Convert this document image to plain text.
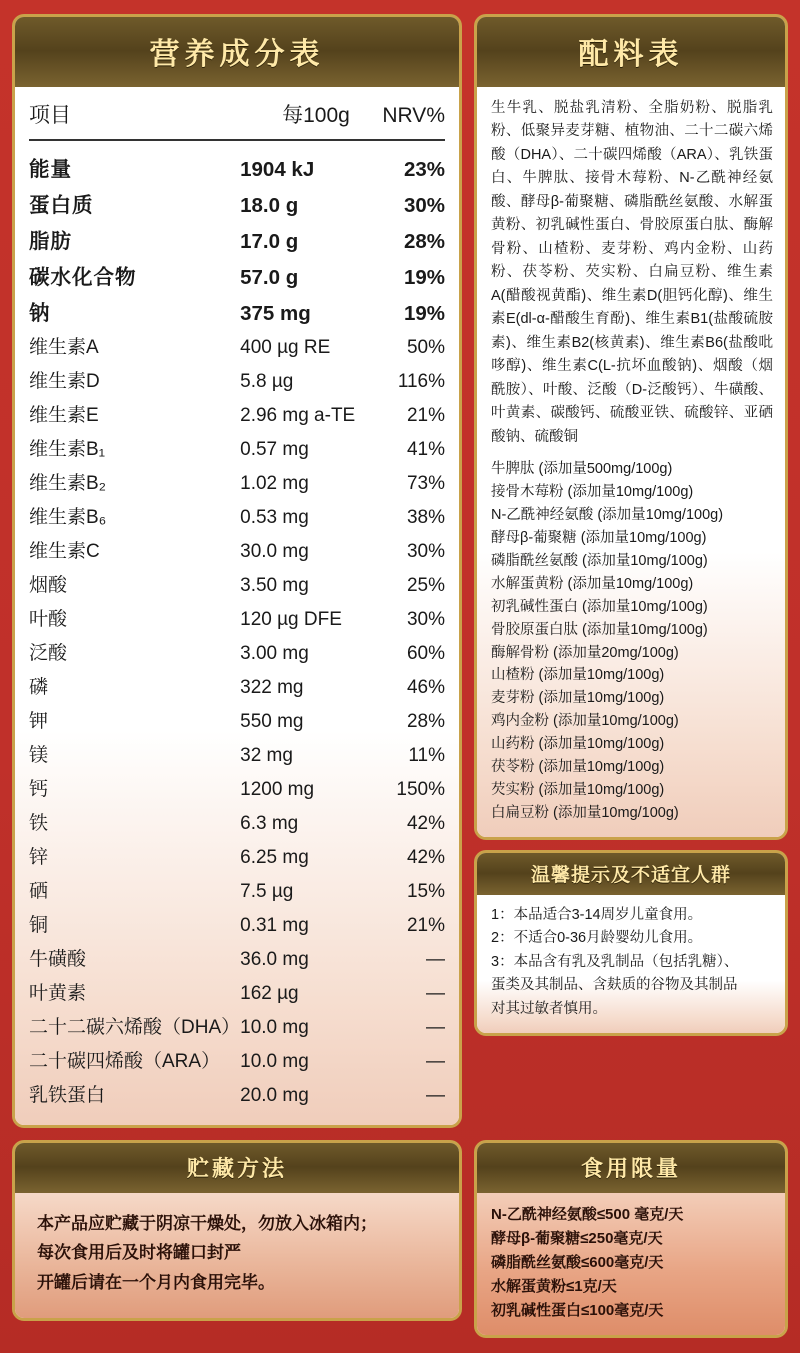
营养成分表
项目	每100g	NRV%

能量	1904 kJ	23%
蛋白质	18.0 g	30%
脂肪	17.0 g	28%
碳水化合物	57.0 g	19%
钠	375 mg	19%
维生素A	400 µg RE	50%
维生素D	5.8 µg	116%
维生素E	2.96 mg a-TE	21%
维生素B₁	0.57 mg	41%
维生素B₂	1.02 mg	73%
维生素B₆	0.53 mg	38%
维生素C	30.0 mg	30%
烟酸	3.50 mg	25%
叶酸	120 µg DFE	30%
泛酸	3.00 mg	60%
磷	322 mg	46%
钾	550 mg	28%
镁	32 mg	11%
钙	1200 mg	150%
铁	6.3 mg	42%
锌	6.25 mg	42%
硒	7.5 µg	15%
铜	0.31 mg	21%
牛磺酸	36.0 mg	—
叶黄素	162 µg	—
二十二碳六烯酸（DHA）	10.0 mg	—
二十碳四烯酸（ARA）	10.0 mg	—
乳铁蛋白	20.0 mg	—
配料表
生牛乳、脱盐乳清粉、全脂奶粉、脱脂乳粉、低聚异麦芽糖、植物油、二十二碳六烯酸（DHA）、二十碳四烯酸（ARA）、乳铁蛋白、牛脾肽、接骨木莓粉、N-乙酰神经氨酸、酵母β-葡聚糖、磷脂酰丝氨酸、水解蛋黄粉、初乳碱性蛋白、骨胶原蛋白肽、酶解骨粉、山楂粉、麦芽粉、鸡内金粉、山药粉、茯苓粉、芡实粉、白扁豆粉、维生素A(醋酸视黄酯)、维生素D(胆钙化醇)、维生素E(dl-α-醋酸生育酚)、维生素B1(盐酸硫胺素)、维生素B2(核黄素)、维生素B6(盐酸吡哆醇)、维生素C(L-抗坏血酸钠)、烟酸（烟酰胺）、叶酸、泛酸（D-泛酸钙）、牛磺酸、叶黄素、碳酸钙、硫酸亚铁、硫酸锌、亚硒酸钠、硫酸铜
牛脾肽 (添加量500mg/100g)
接骨木莓粉 (添加量10mg/100g)
N-乙酰神经氨酸 (添加量10mg/100g)
酵母β-葡聚糖 (添加量10mg/100g)
磷脂酰丝氨酸 (添加量10mg/100g)
水解蛋黄粉 (添加量10mg/100g)
初乳碱性蛋白 (添加量10mg/100g)
骨胶原蛋白肽 (添加量10mg/100g)
酶解骨粉 (添加量20mg/100g)
山楂粉 (添加量10mg/100g)
麦芽粉 (添加量10mg/100g)
鸡内金粉 (添加量10mg/100g)
山药粉 (添加量10mg/100g)
茯苓粉 (添加量10mg/100g)
芡实粉 (添加量10mg/100g)
白扁豆粉 (添加量10mg/100g)
温馨提示及不适宜人群
1：本品适合3-14周岁儿童食用。
2：不适合0-36月龄婴幼儿食用。
3：本品含有乳及乳制品（包括乳糖）、
蛋类及其制品、含麸质的谷物及其制品
对其过敏者慎用。
贮藏方法
本产品应贮藏于阴凉干燥处，勿放入冰箱内；
每次食用后及时将罐口封严
开罐后请在一个月内食用完毕。
食用限量
N-乙酰神经氨酸≤500 毫克/天
酵母β-葡聚糖≤250毫克/天
磷脂酰丝氨酸≤600毫克/天
水解蛋黄粉≤1克/天
初乳碱性蛋白≤100毫克/天
